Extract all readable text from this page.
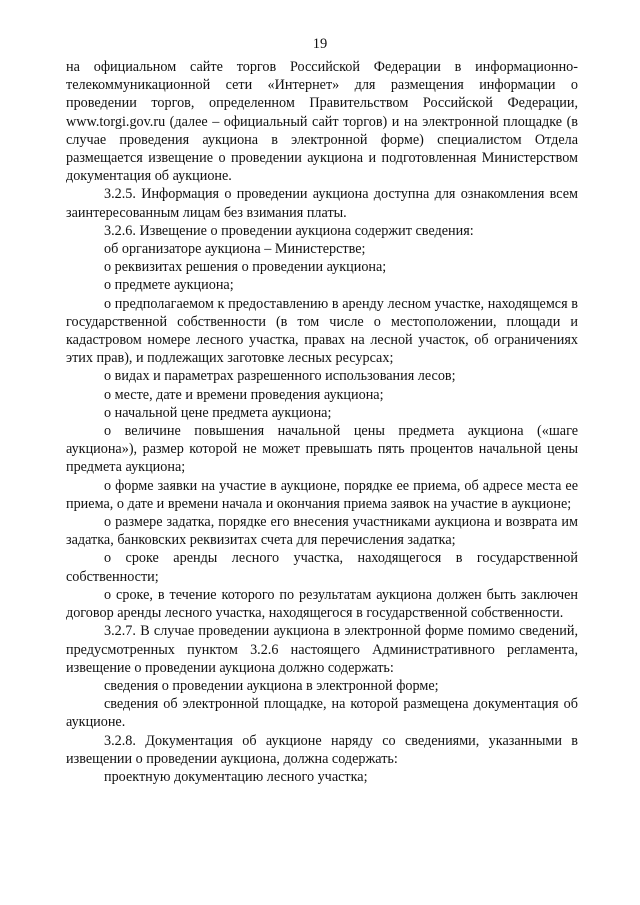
19

на официальном сайте торгов Российской Федерации в информационно-телекоммуникационной сети «Интернет» для размещения информации о проведении торгов, определенном Правительством Российской Федерации, www.torgi.gov.ru (далее – официальный сайт торгов) и на электронной площадке (в случае проведения аукциона в электронной форме) специалистом Отдела размещается извещение о проведении аукциона и подготовленная Министерством документация об аукционе.

3.2.5. Информация о проведении аукциона доступна для ознакомления всем заинтересованным лицам без взимания платы.

3.2.6. Извещение о проведении аукциона содержит сведения:

об организаторе аукциона – Министерстве;

о реквизитах решения о проведении аукциона;

о предмете аукциона;

о предполагаемом к предоставлению в аренду лесном участке, находящемся в государственной собственности (в том числе о местоположении, площади и кадастровом номере лесного участка, правах на лесной участок, об ограничениях этих прав), и подлежащих заготовке лесных ресурсах;

о видах и параметрах разрешенного использования лесов;

о месте, дате и времени проведения аукциона;

о начальной цене предмета аукциона;

о величине повышения начальной цены предмета аукциона («шаге аукциона»), размер которой не может превышать пять процентов начальной цены предмета аукциона;

о форме заявки на участие в аукционе, порядке ее приема, об адресе места ее приема, о дате и времени начала и окончания приема заявок на участие в аукционе;

о размере задатка, порядке его внесения участниками аукциона и возврата им задатка, банковских реквизитах счета для перечисления задатка;

о сроке аренды лесного участка, находящегося в государственной собственности;

о сроке, в течение которого по результатам аукциона должен быть заключен договор аренды лесного участка, находящегося в государственной собственности.

3.2.7. В случае проведении аукциона в электронной форме помимо сведений, предусмотренных пунктом 3.2.6 настоящего Административного регламента, извещение о проведении аукциона должно содержать:

сведения о проведении аукциона в электронной форме;

сведения об электронной площадке, на которой размещена документация об аукционе.

3.2.8. Документация об аукционе наряду со сведениями, указанными в извещении о проведении аукциона, должна содержать:

проектную документацию лесного участка;
